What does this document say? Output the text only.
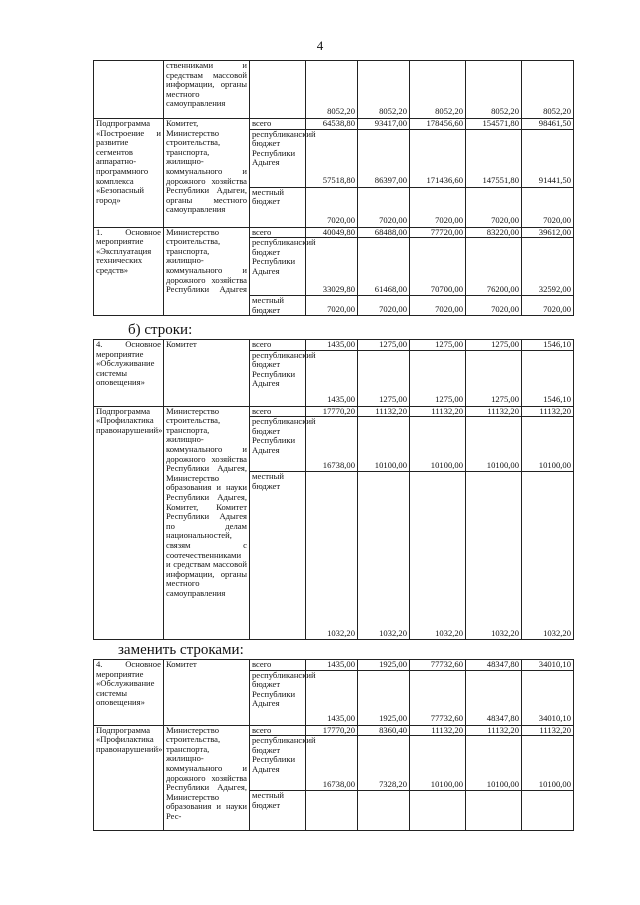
4

	ственниками и средствам массовой информации, органы местного самоуправления		8052,20	8052,20	8052,20	8052,20	8052,20

Подпрограмма «Построение и развитие сегментов аппаратно-программного комплекса «Безопасный город»	Комитет, Министерство строительства, транспорта, жилищно-коммунального и дорожного хозяйства Республики Адыгеи, органы местного самоуправления	всего	64538,80	93417,00	178456,60	154571,80	98461,50
		республиканский бюджет Республики Адыгея	57518,80	86397,00	171436,60	147551,80	91441,50
		местный бюджет	7020,00	7020,00	7020,00	7020,00	7020,00

1. Основное мероприятие «Эксплуатация технических средств»	Министерство строительства, транспорта, жилищно-коммунального и дорожного хозяйства Республики Адыгея	всего	40049,80	68488,00	77720,00	83220,00	39612,00
		республиканский бюджет Республики Адыгея	33029,80	61468,00	70700,00	76200,00	32592,00
		местный бюджет	7020,00	7020,00	7020,00	7020,00	7020,00
б) строки:
4. Основное мероприятие «Обслуживание системы оповещения»	Комитет	всего	1435,00	1275,00	1275,00	1275,00	1546,10
		республиканский бюджет Республики Адыгея	1435,00	1275,00	1275,00	1275,00	1546,10

Подпрограмма «Профилактика правонарушений»	Министерство строительства, транспорта, жилищно-коммунального и дорожного хозяйства Республики Адыгея, Министерство образования и науки Республики Адыгея, Комитет, Комитет Республики Адыгея по делам национальностей, связям с соотечественниками и средствам массовой информации, органы местного самоуправления	всего	17770,20	11132,20	11132,20	11132,20	11132,20
		республиканский бюджет Республики Адыгея	16738,00	10100,00	10100,00	10100,00	10100,00
		местный бюджет	1032,20	1032,20	1032,20	1032,20	1032,20
заменить строками:
4. Основное мероприятие «Обслуживание системы оповещения»	Комитет	всего	1435,00	1925,00	77732,60	48347,80	34010,10
		республиканский бюджет Республики Адыгея	1435,00	1925,00	77732,60	48347,80	34010,10

Подпрограмма «Профилактика правонарушений»	Министерство строительства, транспорта, жилищно-коммунального и дорожного хозяйства Республики Адыгея, Министерство образования и науки Рес-	всего	17770,20	8360,40	11132,20	11132,20	11132,20
		республиканский бюджет Республики Адыгея	16738,00	7328,20	10100,00	10100,00	10100,00
		местный бюджет					
